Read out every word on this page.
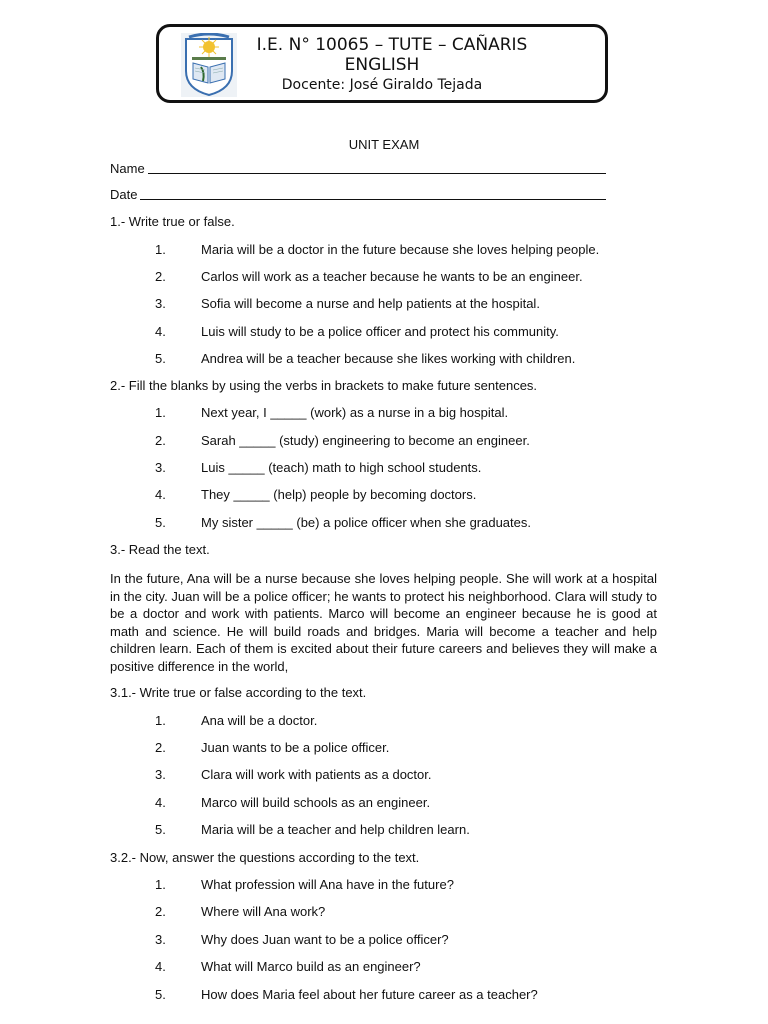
I.E. N° 10065 – TUTE – CAÑARIS
ENGLISH
Docente: José Giraldo Tejada
UNIT EXAM
Name
Date
1.- Write true or false.
1.	Maria will be a doctor in the future because she loves helping people.
2.	Carlos will work as a teacher because he wants to be an engineer.
3.	Sofia will become a nurse and help patients at the hospital.
4.	Luis will study to be a police officer and protect his community.
5.	Andrea will be a teacher because she likes working with children.
2.- Fill the blanks by using the verbs in brackets to make future sentences.
1.	Next year, I _____ (work) as a nurse in a big hospital.
2.	Sarah _____ (study) engineering to become an engineer.
3.	Luis _____ (teach) math to high school students.
4.	They _____ (help) people by becoming doctors.
5.	My sister _____ (be) a police officer when she graduates.
3.- Read the text.
In the future, Ana will be a nurse because she loves helping people. She will work at a hospital in the city. Juan will be a police officer; he wants to protect his neighborhood. Clara will study to be a doctor and work with patients. Marco will become an engineer because he is good at math and science. He will build roads and bridges. Maria will become a teacher and help children learn. Each of them is excited about their future careers and believes they will make a positive difference in the world,
3.1.- Write true or false according to the text.
1.	Ana will be a doctor.
2.	Juan wants to be a police officer.
3.	Clara will work with patients as a doctor.
4.	Marco will build schools as an engineer.
5.	Maria will be a teacher and help children learn.
3.2.- Now, answer the questions according to the text.
1.	What profession will Ana have in the future?
2.	Where will Ana work?
3.	Why does Juan want to be a police officer?
4.	What will Marco build as an engineer?
5.	How does Maria feel about her future career as a teacher?
